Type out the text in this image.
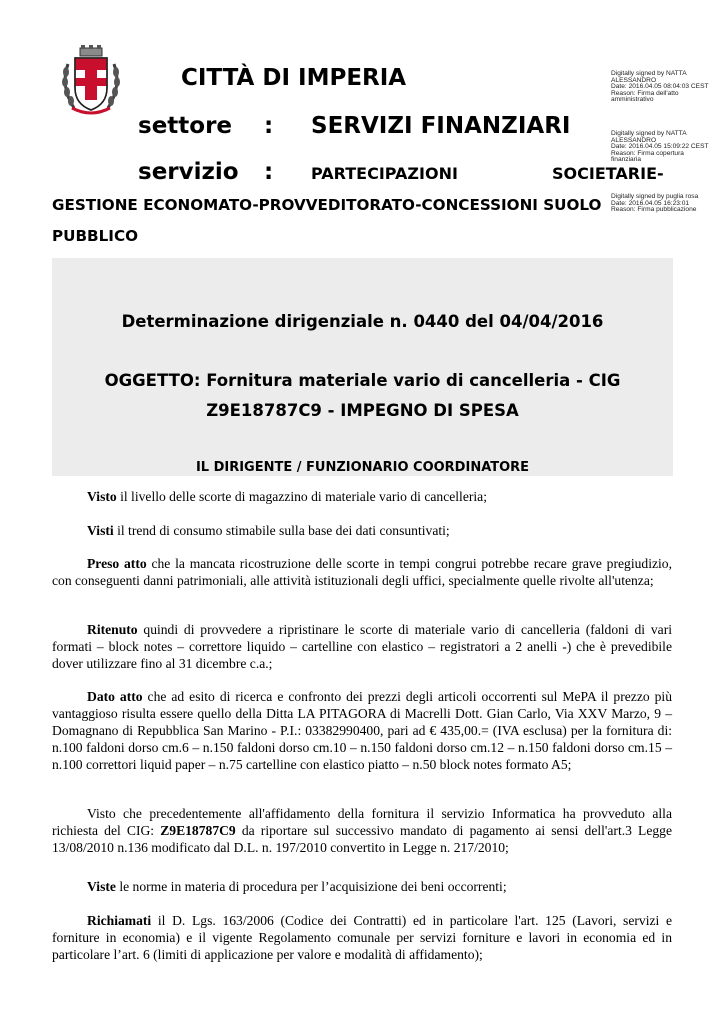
CITTÀ DI IMPERIA
settore : SERVIZI FINANZIARI
servizio : PARTECIPAZIONI	SOCIETARIE-
GESTIONE ECONOMATO-PROVVEDITORATO-CONCESSIONI SUOLO
PUBBLICO
Digitally signed by NATTA
ALESSANDRO
Date: 2016.04.05 08:04:03 CEST
Reason: Firma dell'atto
amministrativo
Digitally signed by NATTA
ALESSANDRO
Date: 2016.04.05 15:09:22 CEST
Reason: Firma copertura
finanziaria
Digitally signed by puglia rosa
Date: 2016.04.05 16:23:01
Reason: Firma pubblicazione
Determinazione dirigenziale n. 0440 del 04/04/2016
OGGETTO: Fornitura materiale vario di cancelleria - CIG
Z9E18787C9 - IMPEGNO DI SPESA
IL DIRIGENTE / FUNZIONARIO COORDINATORE
Visto il livello delle scorte di magazzino di materiale vario di cancelleria;
Visti il trend di consumo stimabile sulla base dei dati consuntivati;
Preso atto che la mancata ricostruzione delle scorte in tempi congrui potrebbe recare grave pregiudizio, con conseguenti danni patrimoniali, alle attività istituzionali degli uffici, specialmente quelle rivolte all'utenza;
Ritenuto quindi di provvedere a ripristinare le scorte di materiale vario di cancelleria (faldoni di vari formati – block notes – correttore liquido – cartelline con elastico – registratori a 2 anelli -) che è prevedibile dover utilizzare fino al 31 dicembre c.a.;
Dato atto che ad esito di ricerca e confronto dei prezzi degli articoli occorrenti sul MePA il prezzo più vantaggioso risulta essere quello della Ditta LA PITAGORA di Macrelli Dott. Gian Carlo, Via XXV Marzo, 9 – Domagnano di Repubblica San Marino - P.I.: 03382990400, pari ad € 435,00.= (IVA esclusa) per la fornitura di: n.100 faldoni dorso cm.6 – n.150 faldoni dorso cm.10 – n.150 faldoni dorso cm.12 – n.150 faldoni dorso cm.15 – n.100 correttori liquid paper – n.75 cartelline con elastico piatto – n.50 block notes formato A5;
Visto che precedentemente all'affidamento della fornitura il servizio Informatica ha provveduto alla richiesta del CIG: Z9E18787C9 da riportare sul successivo mandato di pagamento ai sensi dell'art.3 Legge 13/08/2010 n.136 modificato dal D.L. n. 197/2010 convertito in Legge n. 217/2010;
Viste le norme in materia di procedura per l’acquisizione dei beni occorrenti;
Richiamati il D. Lgs. 163/2006 (Codice dei Contratti) ed in particolare l'art. 125 (Lavori, servizi e forniture in economia) e il vigente Regolamento comunale per servizi forniture e lavori in economia ed in particolare l’art. 6 (limiti di applicazione per valore e modalità di affidamento);
